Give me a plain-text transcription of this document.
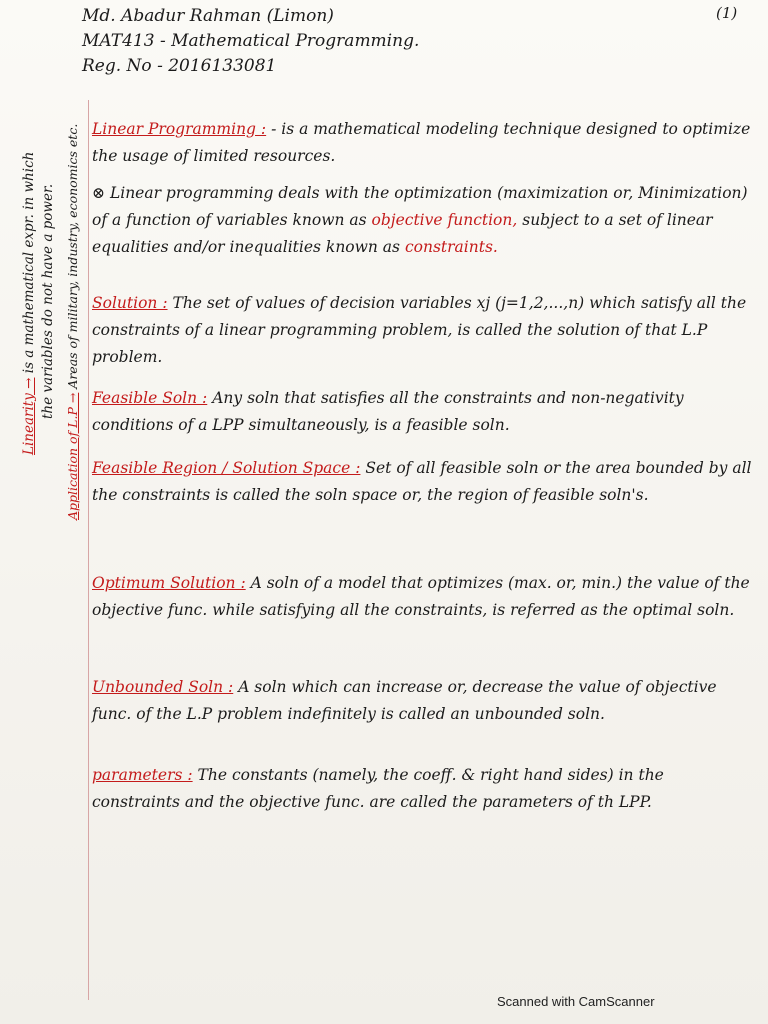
Md. Abadur Rahman (Limon)
MAT413 - Mathematical Programming.
Reg. No - 2016133081
(1)
Linearity → is a mathematical expr. in which the variables do not have a power.
Application of L.P → Areas of military, industry, economics etc. Linear Programming : - is a mathematical modeling technique designed to optimize the usage of limited resources.
⊗ Linear programming deals with the optimization (maximization or, Minimization) of a function of variables known as objective function, subject to a set of linear equalities and/or inequalities known as constraints.
Solution : The set of values of decision variables xj (j=1,2,...,n) which satisfy all the constraints of a linear programming problem, is called the solution of that L.P problem.
Feasible Soln : Any soln that satisfies all the constraints and non-negativity conditions of a LPP simultaneously, is a feasible soln.
Feasible Region / Solution Space : Set of all feasible soln or the area bounded by all the constraints is called the soln space or, the region of feasible soln's.
Optimum Solution : A soln of a model that optimizes (max. or, min.) the value of the objective func. while satisfying all the constraints, is referred as the optimal soln.
Unbounded Soln : A soln which can increase or, decrease the value of objective func. of the L.P problem indefinitely is called an unbounded soln.
parameters : The constants (namely, the coeff. & right hand sides) in the constraints and the objective func. are called the parameters of th LPP.
Scanned with CamScanner
